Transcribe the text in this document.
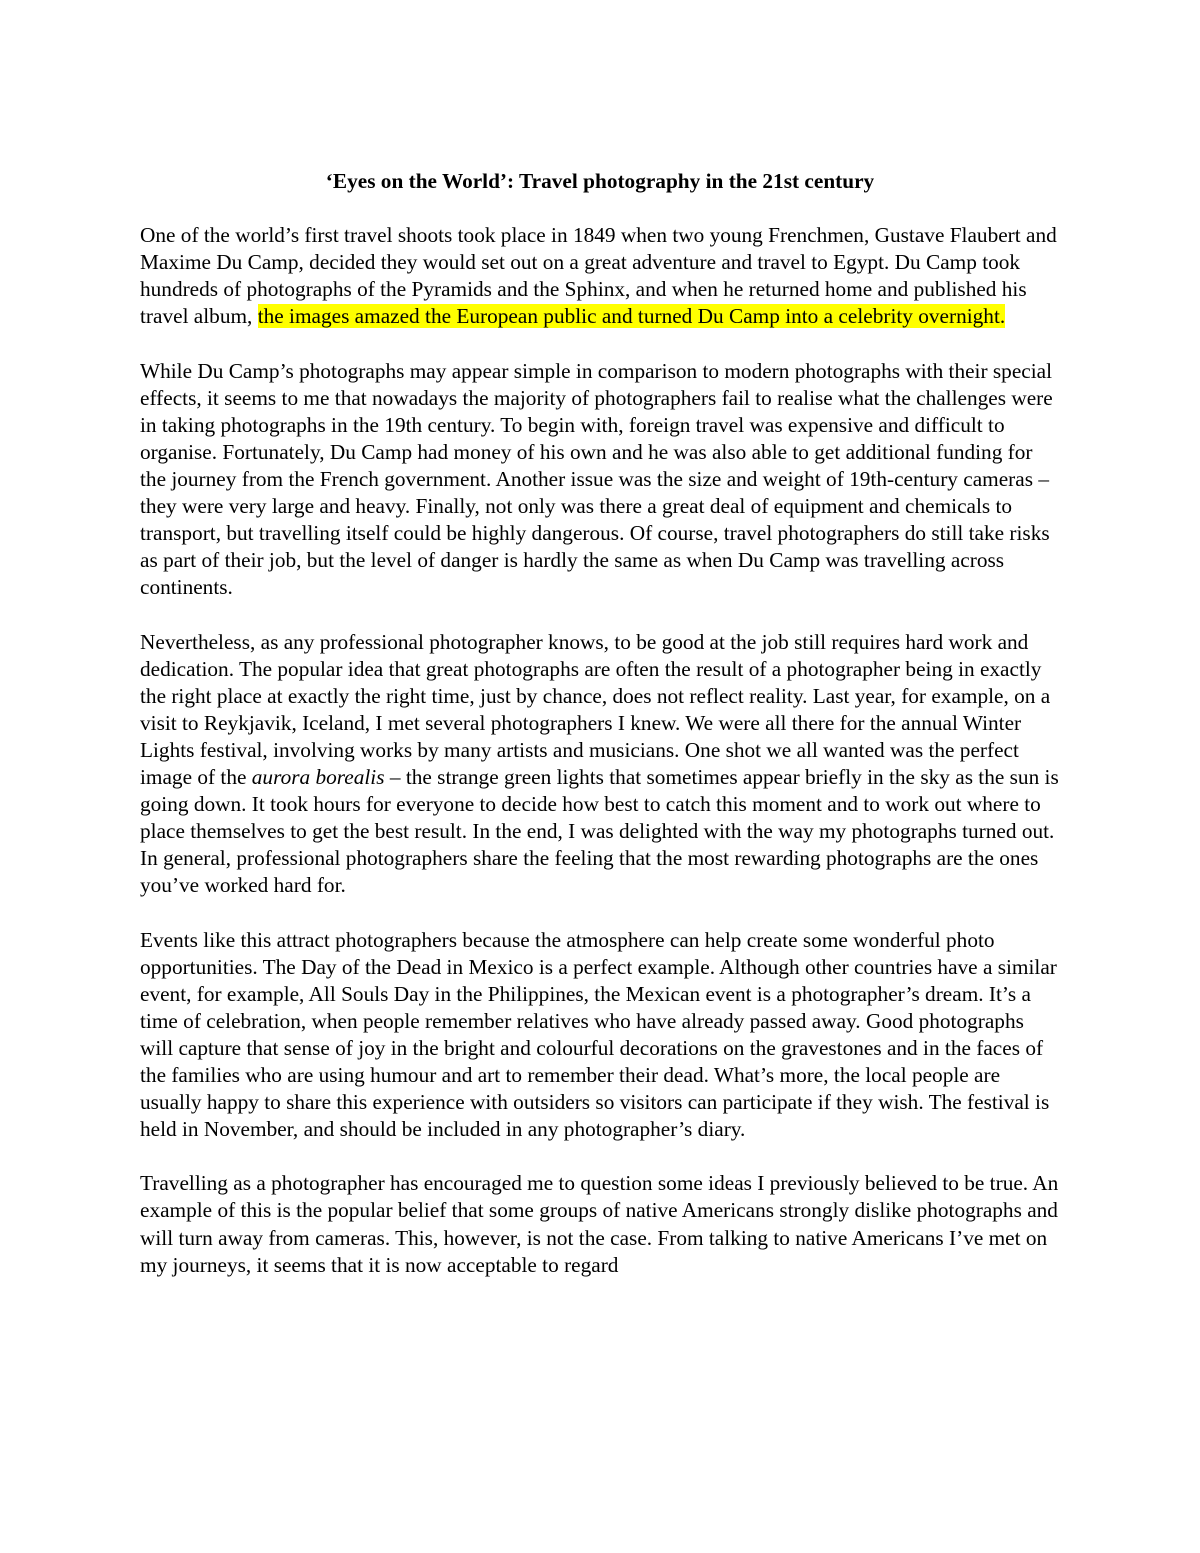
‘Eyes on the World’: Travel photography in the 21st century

One of the world’s first travel shoots took place in 1849 when two young Frenchmen, Gustave Flaubert and Maxime Du Camp, decided they would set out on a great adventure and travel to Egypt. Du Camp took hundreds of photographs of the Pyramids and the Sphinx, and when he returned home and published his travel album, the images amazed the European public and turned Du Camp into a celebrity overnight.

While Du Camp’s photographs may appear simple in comparison to modern photographs with their special effects, it seems to me that nowadays the majority of photographers fail to realise what the challenges were in taking photographs in the 19th century. To begin with, foreign travel was expensive and difficult to organise. Fortunately, Du Camp had money of his own and he was also able to get additional funding for the journey from the French government. Another issue was the size and weight of 19th-century cameras – they were very large and heavy. Finally, not only was there a great deal of equipment and chemicals to transport, but travelling itself could be highly dangerous. Of course, travel photographers do still take risks as part of their job, but the level of danger is hardly the same as when Du Camp was travelling across continents.

Nevertheless, as any professional photographer knows, to be good at the job still requires hard work and dedication. The popular idea that great photographs are often the result of a photographer being in exactly the right place at exactly the right time, just by chance, does not reflect reality. Last year, for example, on a visit to Reykjavik, Iceland, I met several photographers I knew. We were all there for the annual Winter Lights festival, involving works by many artists and musicians. One shot we all wanted was the perfect image of the aurora borealis – the strange green lights that sometimes appear briefly in the sky as the sun is going down. It took hours for everyone to decide how best to catch this moment and to work out where to place themselves to get the best result. In the end, I was delighted with the way my photographs turned out. In general, professional photographers share the feeling that the most rewarding photographs are the ones you’ve worked hard for.

Events like this attract photographers because the atmosphere can help create some wonderful photo opportunities. The Day of the Dead in Mexico is a perfect example. Although other countries have a similar event, for example, All Souls Day in the Philippines, the Mexican event is a photographer’s dream. It’s a time of celebration, when people remember relatives who have already passed away. Good photographs will capture that sense of joy in the bright and colourful decorations on the gravestones and in the faces of the families who are using humour and art to remember their dead. What’s more, the local people are usually happy to share this experience with outsiders so visitors can participate if they wish. The festival is held in November, and should be included in any photographer’s diary.

Travelling as a photographer has encouraged me to question some ideas I previously believed to be true. An example of this is the popular belief that some groups of native Americans strongly dislike photographs and will turn away from cameras. This, however, is not the case. From talking to native Americans I’ve met on my journeys, it seems that it is now acceptable to regard
